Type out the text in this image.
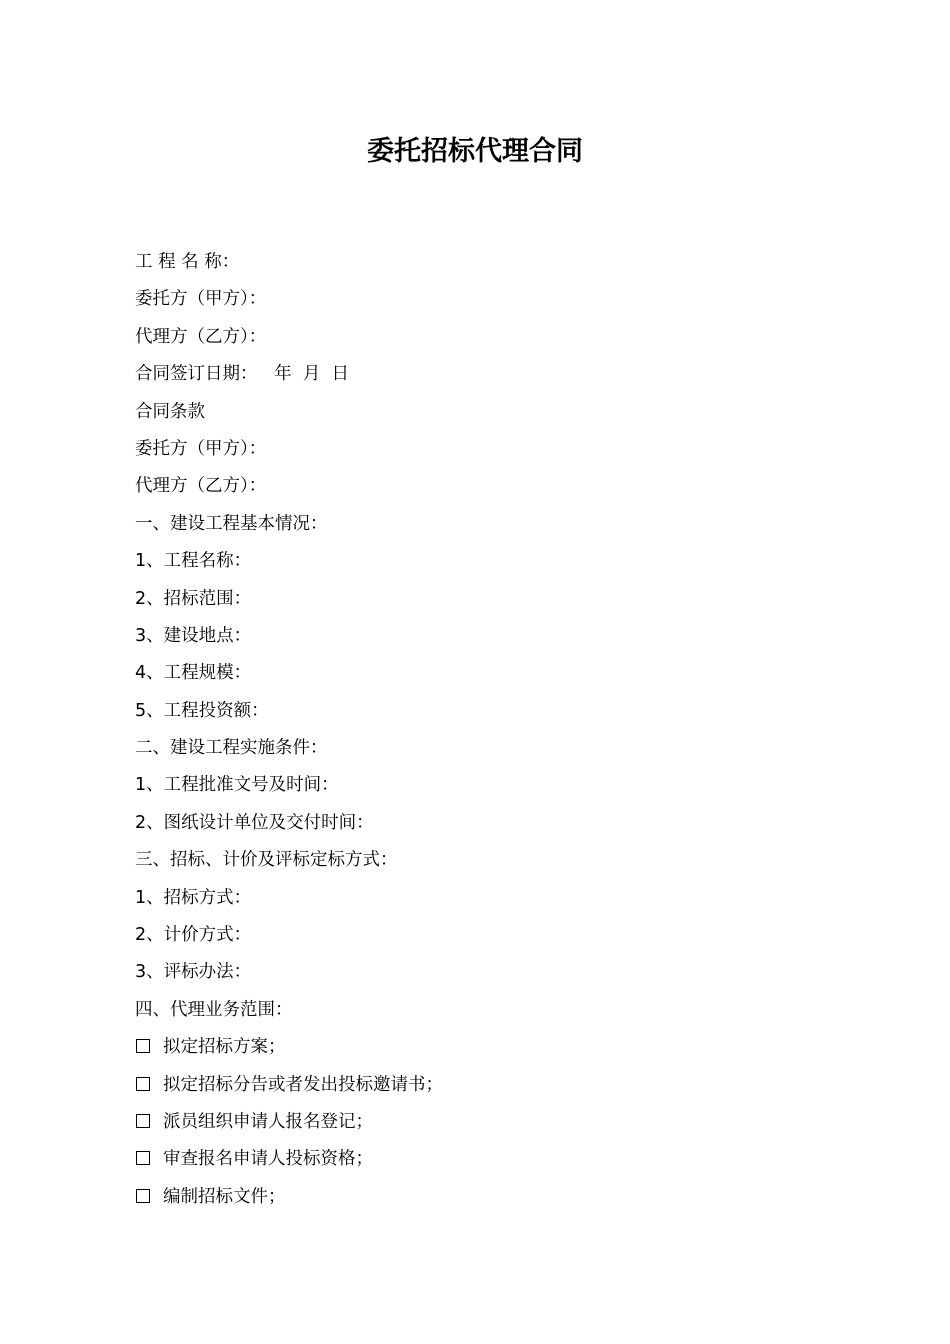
委托招标代理合同
工 程 名 称：
委托方（甲方）：
代理方（乙方）：
合同签订日期：   年  月  日
合同条款
委托方（甲方）：
代理方（乙方）：
一、建设工程基本情况：
1、工程名称：
2、招标范围：
3、建设地点：
4、工程规模：
5、工程投资额：
二、建设工程实施条件：
1、工程批准文号及时间：
2、图纸设计单位及交付时间：
三、招标、计价及评标定标方式：
1、招标方式：
2、计价方式：
3、评标办法：
四、代理业务范围：
拟定招标方案；
拟定招标分告或者发出投标邀请书；
派员组织申请人报名登记；
审查报名申请人投标资格；
编制招标文件；
